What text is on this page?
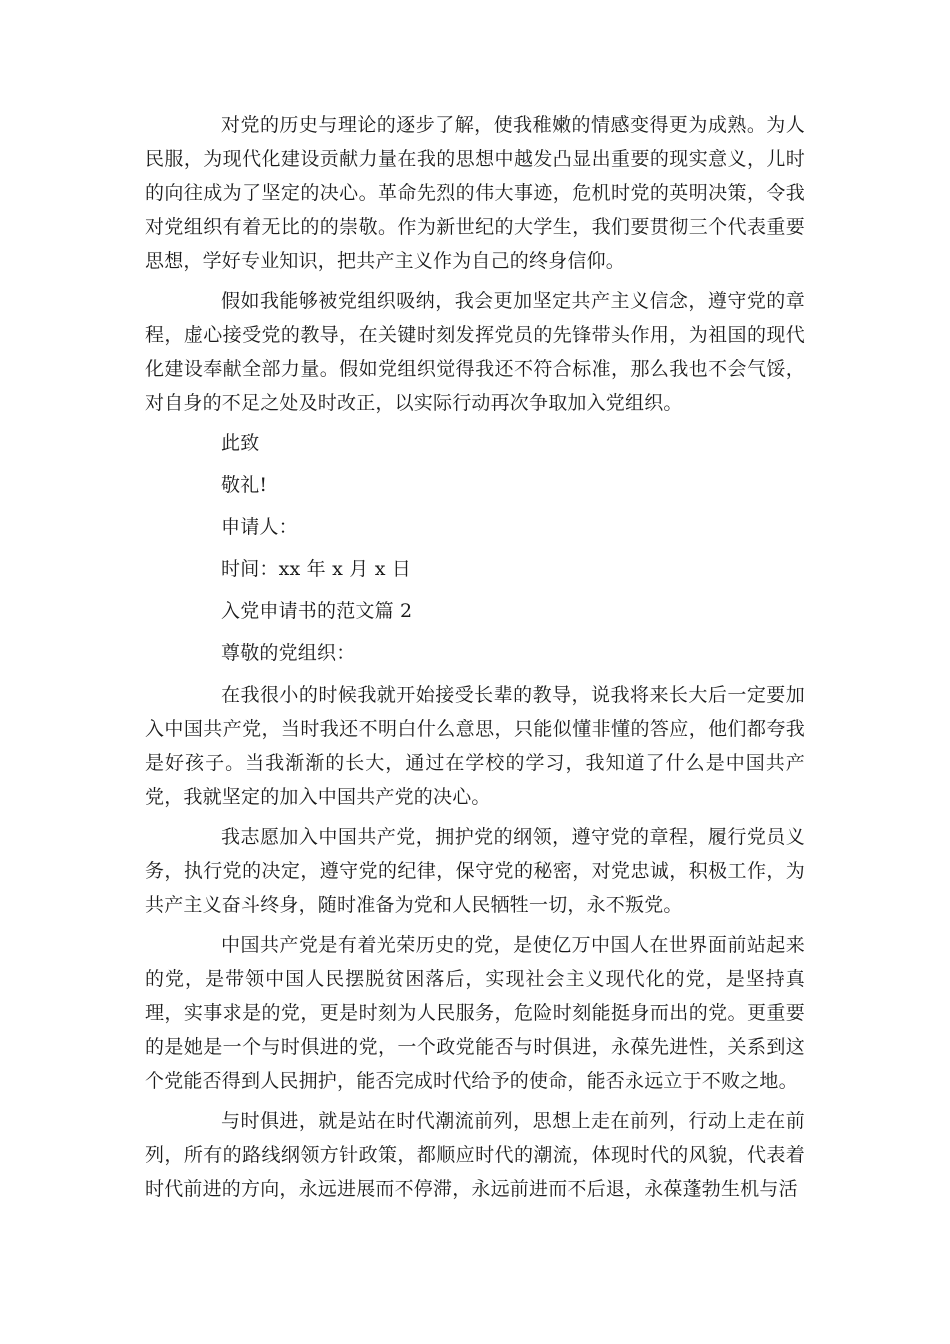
对党的历史与理论的逐步了解，使我稚嫩的情感变得更为成熟。为人民服，为现代化建设贡献力量在我的思想中越发凸显出重要的现实意义，儿时的向往成为了坚定的决心。革命先烈的伟大事迹，危机时党的英明决策，令我对党组织有着无比的的崇敬。作为新世纪的大学生，我们要贯彻三个代表重要思想，学好专业知识，把共产主义作为自己的终身信仰。

假如我能够被党组织吸纳，我会更加坚定共产主义信念，遵守党的章程，虚心接受党的教导，在关键时刻发挥党员的先锋带头作用，为祖国的现代化建设奉献全部力量。假如党组织觉得我还不符合标准，那么我也不会气馁，对自身的不足之处及时改正，以实际行动再次争取加入党组织。

此致
敬礼!
申请人：
时间：xx 年 x 月 x 日
入党申请书的范文篇 2
尊敬的党组织：

在我很小的时候我就开始接受长辈的教导，说我将来长大后一定要加入中国共产党，当时我还不明白什么意思，只能似懂非懂的答应，他们都夸我是好孩子。当我渐渐的长大，通过在学校的学习，我知道了什么是中国共产党，我就坚定的加入中国共产党的决心。

我志愿加入中国共产党，拥护党的纲领，遵守党的章程，履行党员义务，执行党的决定，遵守党的纪律，保守党的秘密，对党忠诚，积极工作，为共产主义奋斗终身，随时准备为党和人民牺牲一切，永不叛党。

中国共产党是有着光荣历史的党，是使亿万中国人在世界面前站起来的党，是带领中国人民摆脱贫困落后，实现社会主义现代化的党，是坚持真理，实事求是的党，更是时刻为人民服务，危险时刻能挺身而出的党。更重要的是她是一个与时俱进的党，一个政党能否与时俱进，永葆先进性，关系到这个党能否得到人民拥护，能否完成时代给予的使命，能否永远立于不败之地。

与时俱进，就是站在时代潮流前列，思想上走在前列，行动上走在前列，所有的路线纲领方针政策，都顺应时代的潮流，体现时代的风貌，代表着时代前进的方向，永远进展而不停滞，永远前进而不后退，永葆蓬勃生机与活
